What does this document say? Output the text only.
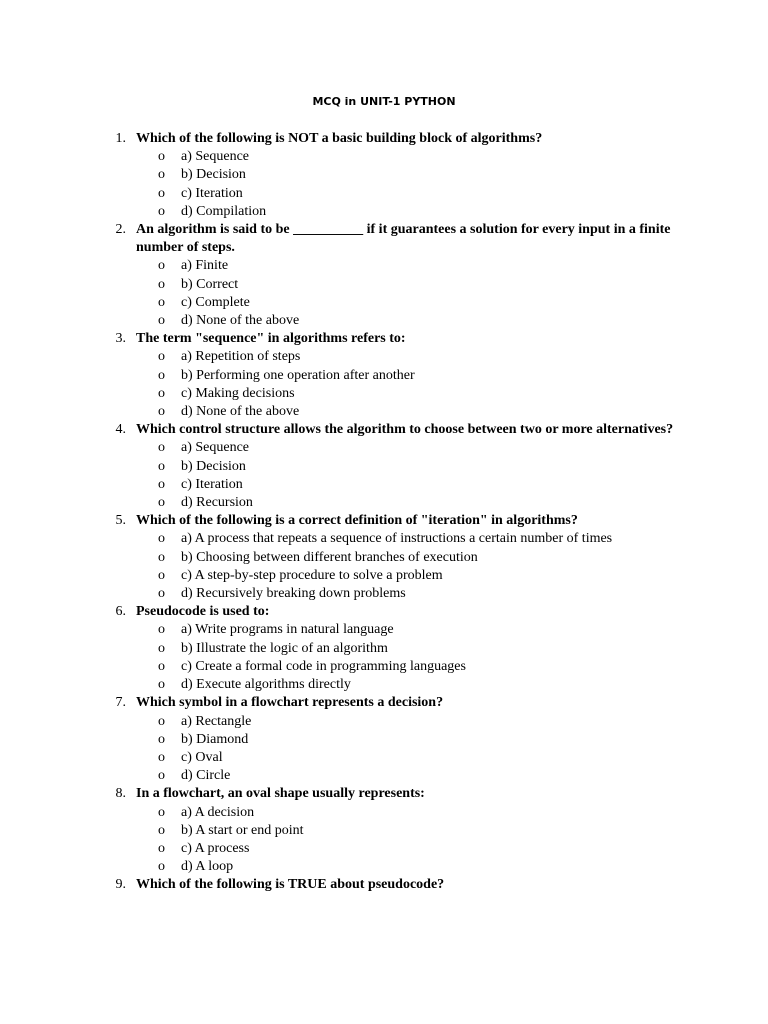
MCQ in UNIT-1 PYTHON
1. Which of the following is NOT a basic building block of algorithms?
o a) Sequence
o b) Decision
o c) Iteration
o d) Compilation
2. An algorithm is said to be __________ if it guarantees a solution for every input in a finite number of steps.
o a) Finite
o b) Correct
o c) Complete
o d) None of the above
3. The term "sequence" in algorithms refers to:
o a) Repetition of steps
o b) Performing one operation after another
o c) Making decisions
o d) None of the above
4. Which control structure allows the algorithm to choose between two or more alternatives?
o a) Sequence
o b) Decision
o c) Iteration
o d) Recursion
5. Which of the following is a correct definition of "iteration" in algorithms?
o a) A process that repeats a sequence of instructions a certain number of times
o b) Choosing between different branches of execution
o c) A step-by-step procedure to solve a problem
o d) Recursively breaking down problems
6. Pseudocode is used to:
o a) Write programs in natural language
o b) Illustrate the logic of an algorithm
o c) Create a formal code in programming languages
o d) Execute algorithms directly
7. Which symbol in a flowchart represents a decision?
o a) Rectangle
o b) Diamond
o c) Oval
o d) Circle
8. In a flowchart, an oval shape usually represents:
o a) A decision
o b) A start or end point
o c) A process
o d) A loop
9. Which of the following is TRUE about pseudocode?
